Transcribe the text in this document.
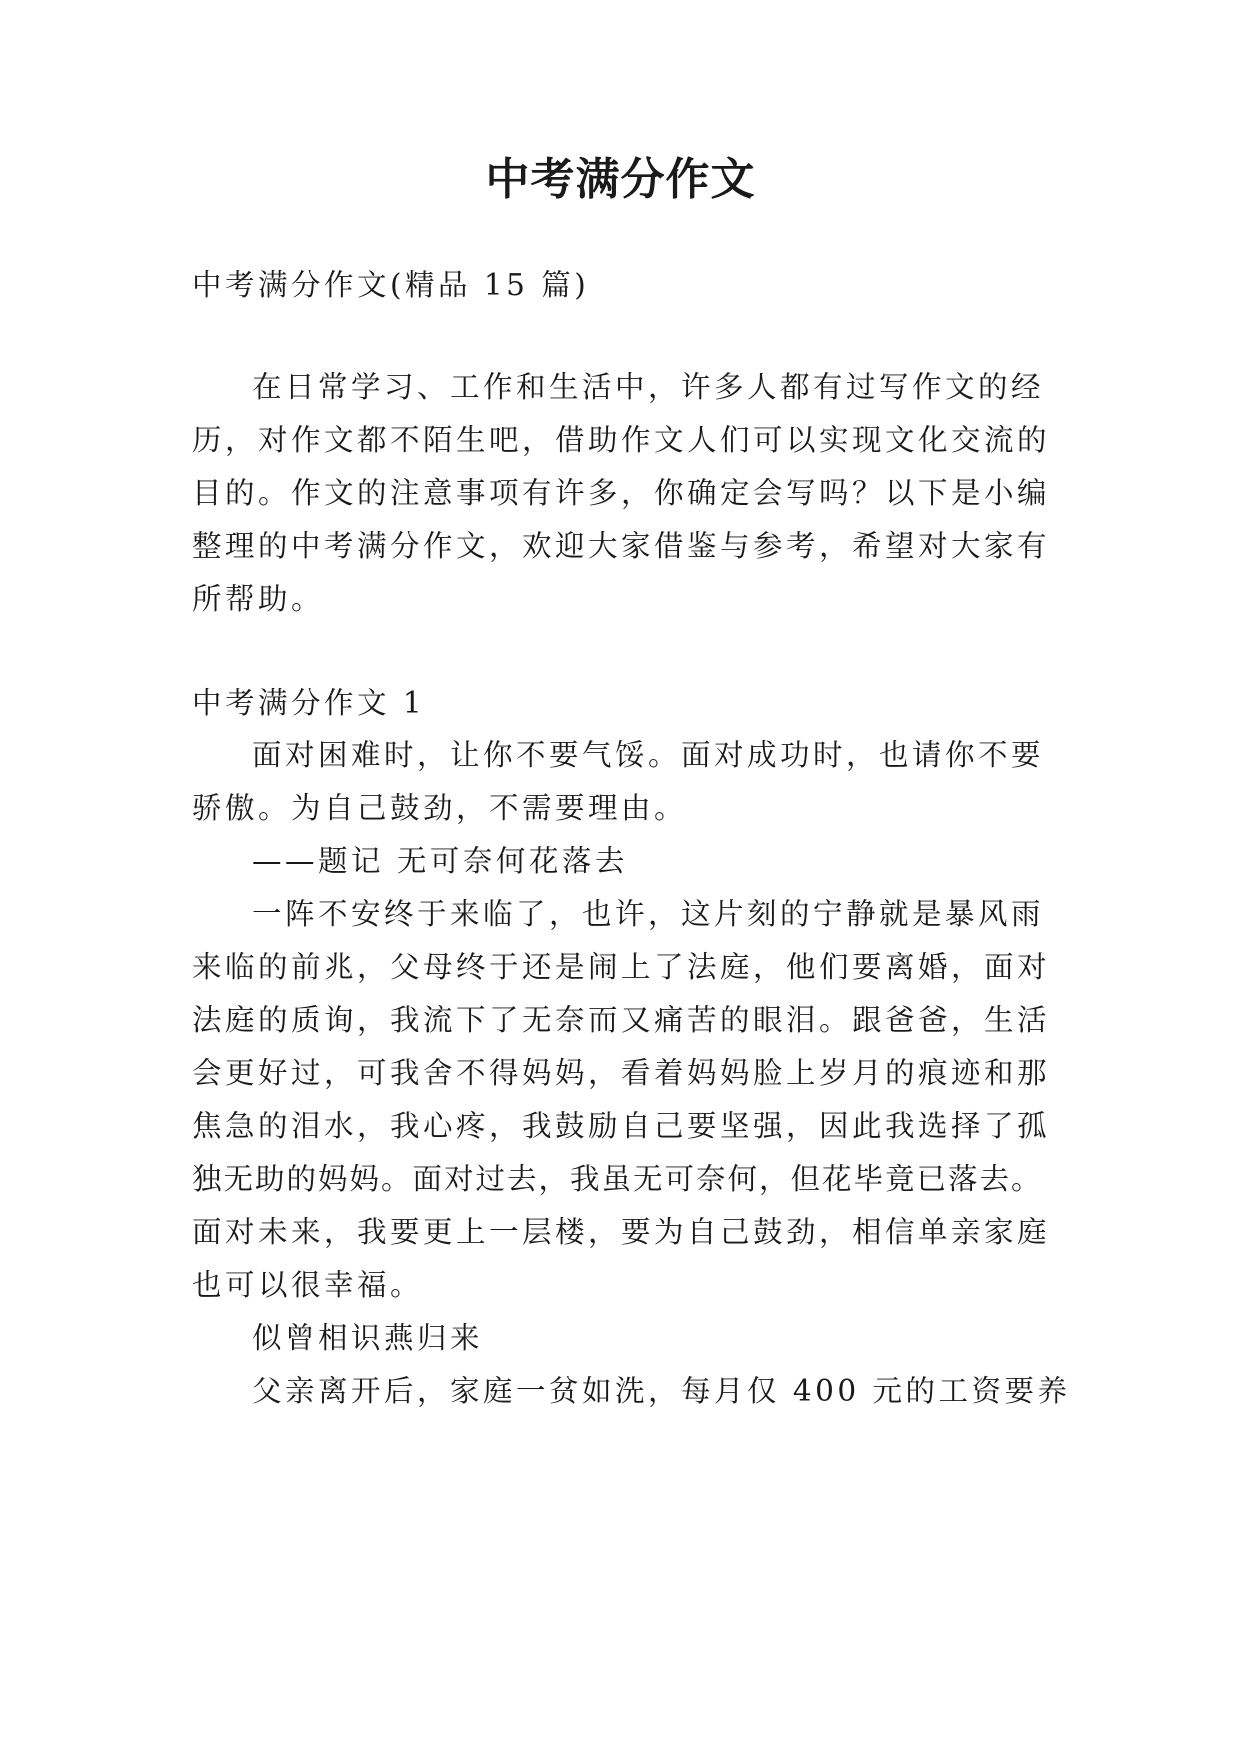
中考满分作文
中考满分作文(精品 15 篇)
在日常学习、工作和生活中，许多人都有过写作文的经
历，对作文都不陌生吧，借助作文人们可以实现文化交流的
目的。作文的注意事项有许多，你确定会写吗？以下是小编
整理的中考满分作文，欢迎大家借鉴与参考，希望对大家有
所帮助。
中考满分作文 1
面对困难时，让你不要气馁。面对成功时，也请你不要
骄傲。为自己鼓劲，不需要理由。
——题记 无可奈何花落去
一阵不安终于来临了，也许，这片刻的宁静就是暴风雨
来临的前兆，父母终于还是闹上了法庭，他们要离婚，面对
法庭的质询，我流下了无奈而又痛苦的眼泪。跟爸爸，生活
会更好过，可我舍不得妈妈，看着妈妈脸上岁月的痕迹和那
焦急的泪水，我心疼，我鼓励自己要坚强，因此我选择了孤
独无助的妈妈。面对过去，我虽无可奈何，但花毕竟已落去。
面对未来，我要更上一层楼，要为自己鼓劲，相信单亲家庭
也可以很幸福。
似曾相识燕归来
父亲离开后，家庭一贫如洗，每月仅 400 元的工资要养
